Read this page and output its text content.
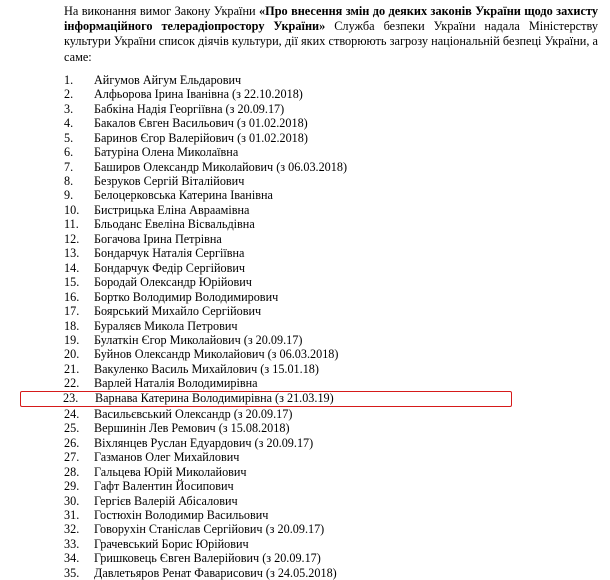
На виконання вимог Закону України «Про внесення змін до деяких законів України щодо захисту інформаційного телерадіопростору України» Служба безпеки України надала Міністерству культури України список діячів культури, дії яких створюють загрозу національній безпеці України, а саме:

1.	Айгумов Айгум Ельдарович
2.	Алфьорова Ірина Іванівна (з 22.10.2018)
3.	Бабкіна Надія Георгіївна (з 20.09.17)
4.	Бакалов Євген Васильович (з 01.02.2018)
5.	Баринов Єгор Валерійович (з 01.02.2018)
6.	Батуріна Олена Миколаївна
7.	Баширов Олександр Миколайович (з 06.03.2018)
8.	Безруков Сергій Віталійович
9.	Белоцерковська Катерина Іванівна
10.	Бистрицька Еліна Авраамівна
11.	Бльоданс Евеліна Вісвальдівна
12.	Богачова Ірина Петрівна
13.	Бондарчук Наталія Сергіївна
14.	Бондарчук Федір Сергійович
15.	Бородай Олександр Юрійович
16.	Бортко Володимир Володимирович
17.	Боярський Михайло Сергійович
18.	Бураляєв Микола Петрович
19.	Булаткін Єгор Миколайович (з 20.09.17)
20.	Буйнов Олександр Миколайович (з 06.03.2018)
21.	Вакуленко Василь Михайлович (з 15.01.18)
22.	Варлей Наталія Володимирівна
23.	Варнава Катерина Володимирівна (з 21.03.19)
24.	Васильєвський Олександр (з 20.09.17)
25.	Вершинін Лев Ремович (з 15.08.2018)
26.	Віхлянцев Руслан Едуардович (з 20.09.17)
27.	Газманов Олег Михайлович
28.	Гальцева Юрій Миколайович
29.	Гафт Валентин Йосипович
30.	Гергієв Валерій Абісалович
31.	Гостюхін Володимир Васильович
32.	Говорухін Станіслав Сергійович (з 20.09.17)
33.	Грачевський Борис Юрійович
34.	Гришковець Євген Валерійович (з 20.09.17)
35.	Давлетьяров Ренат Фаварисович (з 24.05.2018)
